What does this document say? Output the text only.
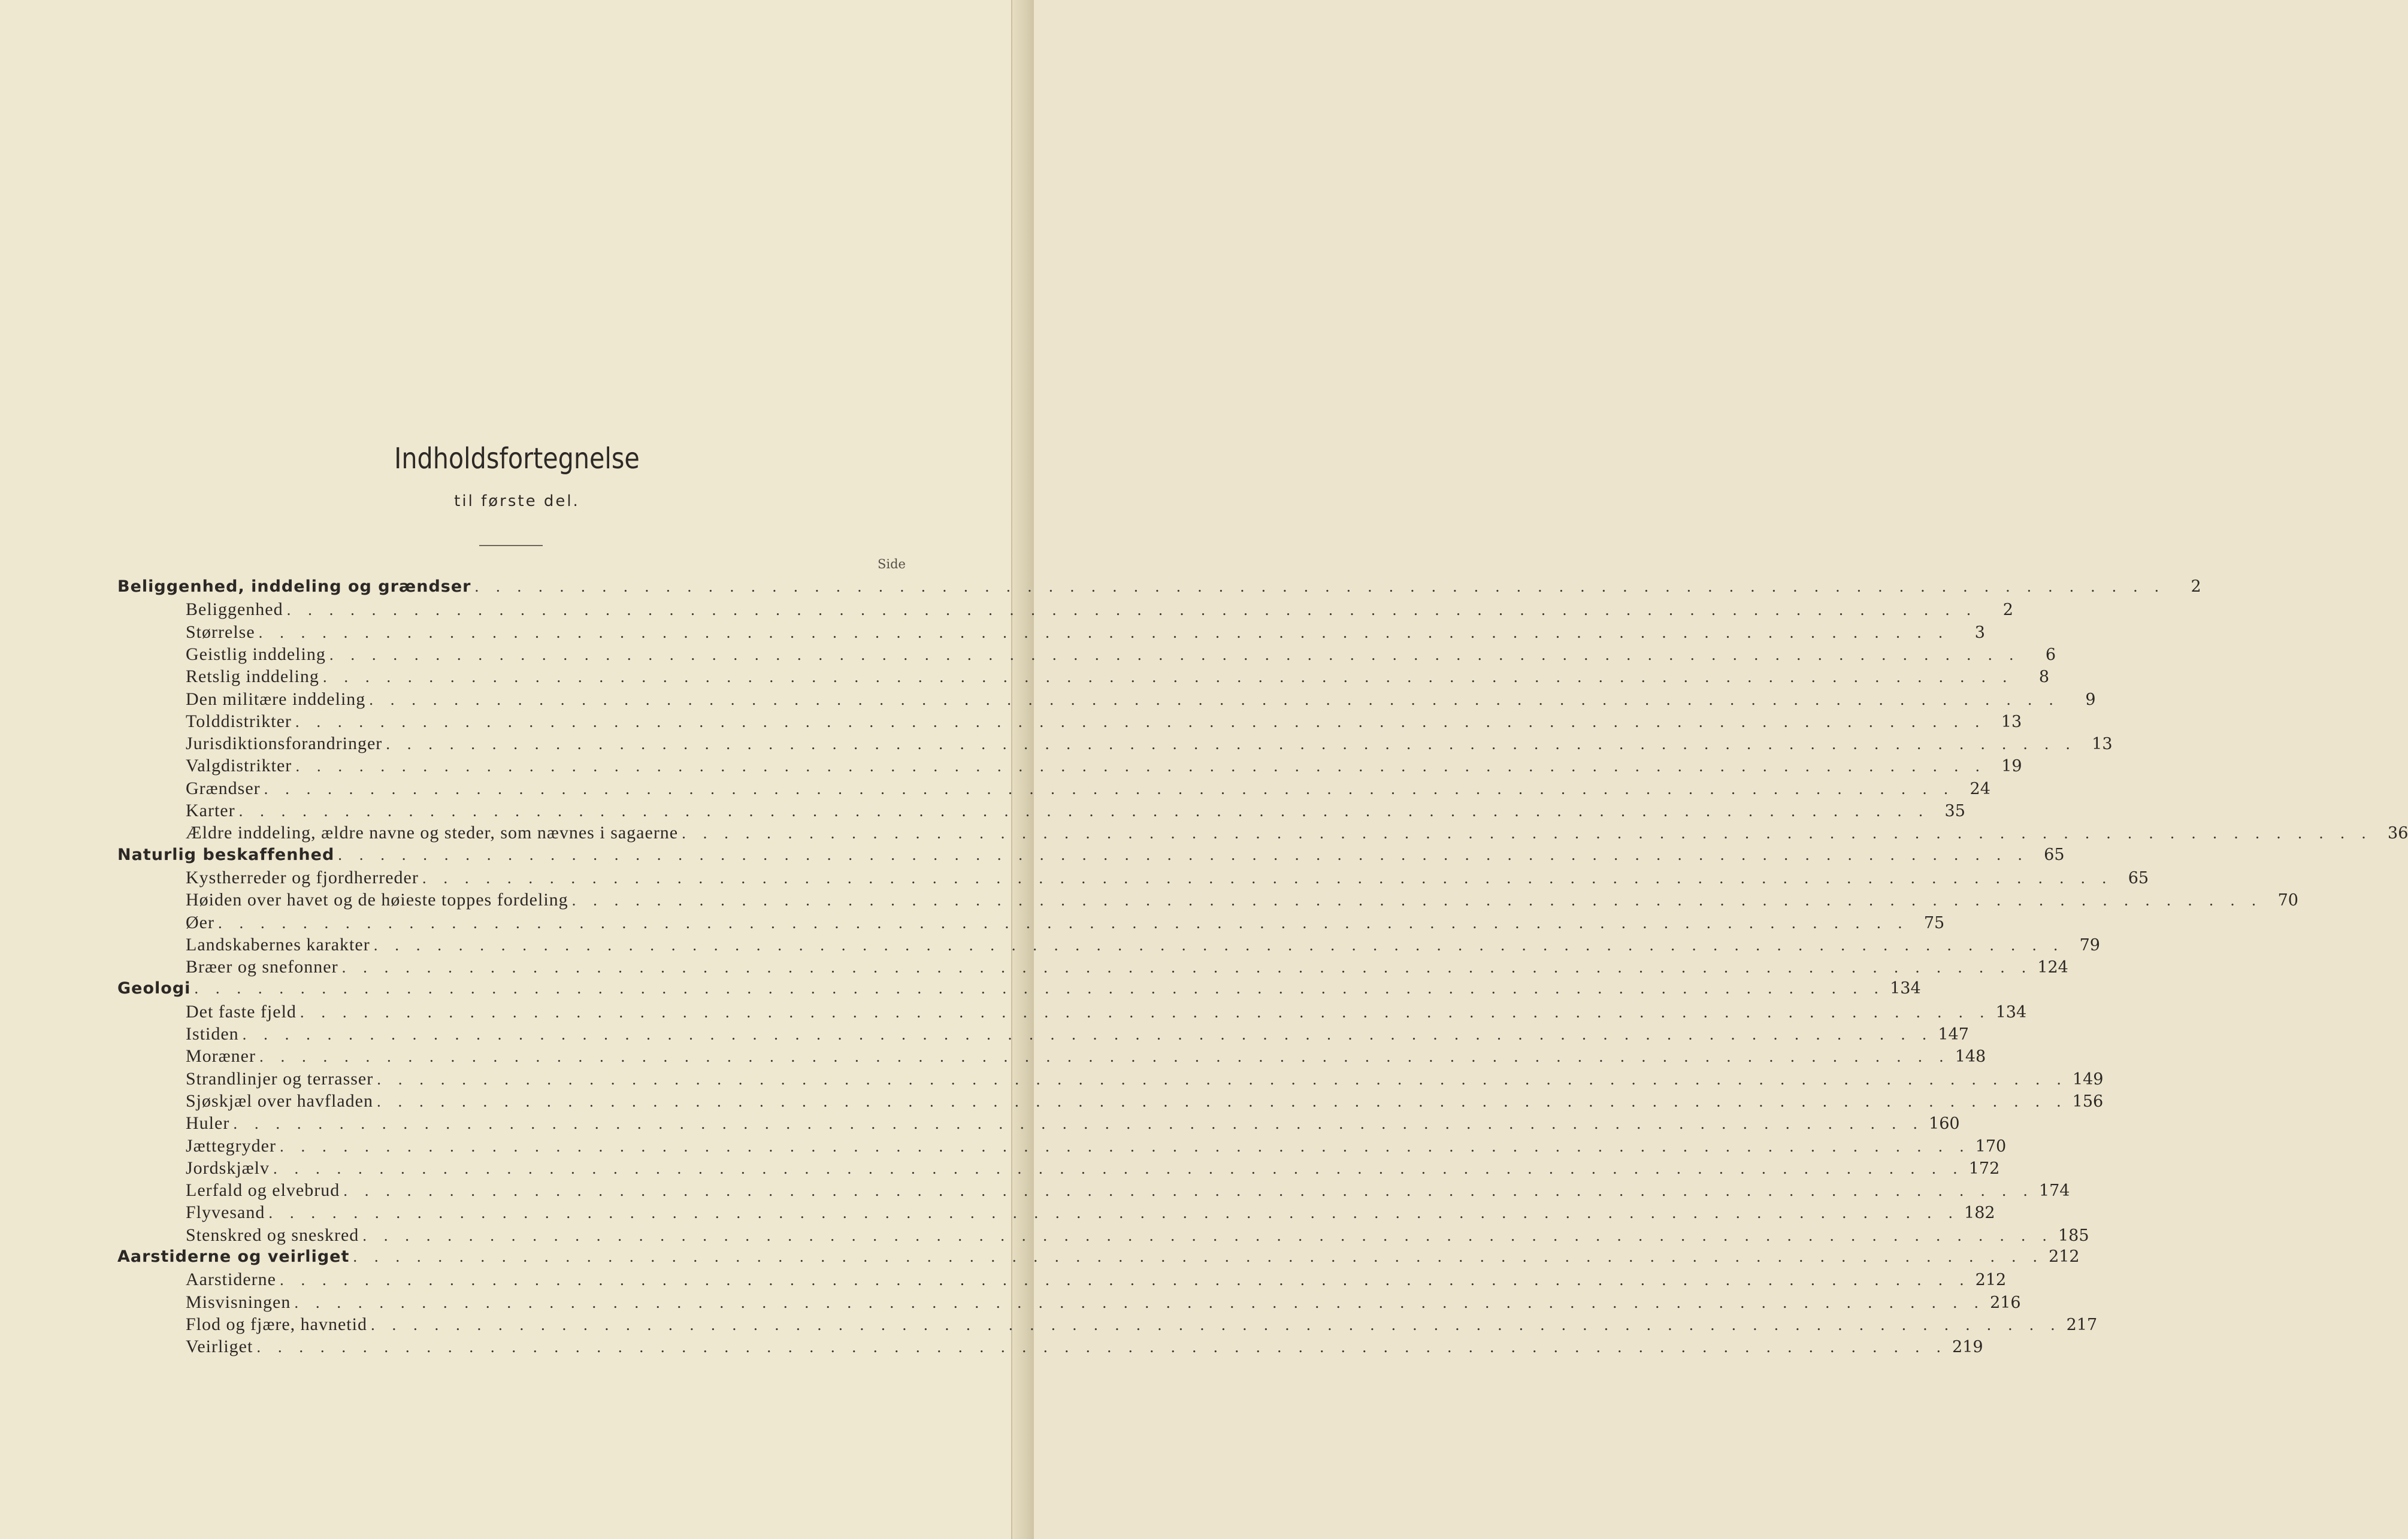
Indholdsfortegnelse
til første del.
Side
Beliggenhed, inddeling og grændser . . . . . . . . . . . . . . . . . . . . . . . . . . . . . . . . . . . . . . . . . . . . . . . . . . . . . . . . . . . . . . . . . . . . . . . . . . . . . . . .	2
Beliggenhed . . . . . . . . . . . . . . . . . . . . . . . . . . . . . . . . . . . . . . . . . . . . . . . . . . . . . . . . . . . . . . . . . . . . . . . . . . . . . . . .	2
Størrelse . . . . . . . . . . . . . . . . . . . . . . . . . . . . . . . . . . . . . . . . . . . . . . . . . . . . . . . . . . . . . . . . . . . . . . . . . . . . . . . .	3
Geistlig inddeling . . . . . . . . . . . . . . . . . . . . . . . . . . . . . . . . . . . . . . . . . . . . . . . . . . . . . . . . . . . . . . . . . . . . . . . . . . . . . . . .	6
Retslig inddeling . . . . . . . . . . . . . . . . . . . . . . . . . . . . . . . . . . . . . . . . . . . . . . . . . . . . . . . . . . . . . . . . . . . . . . . . . . . . . . . .	8
Den militære inddeling . . . . . . . . . . . . . . . . . . . . . . . . . . . . . . . . . . . . . . . . . . . . . . . . . . . . . . . . . . . . . . . . . . . . . . . . . . . . . . . .	9
Tolddistrikter . . . . . . . . . . . . . . . . . . . . . . . . . . . . . . . . . . . . . . . . . . . . . . . . . . . . . . . . . . . . . . . . . . . . . . . . . . . . . . . . 13
Jurisdiktionsforandringer . . . . . . . . . . . . . . . . . . . . . . . . . . . . . . . . . . . . . . . . . . . . . . . . . . . . . . . . . . . . . . . . . . . . . . . . . . . . . . . . 13
Valgdistrikter . . . . . . . . . . . . . . . . . . . . . . . . . . . . . . . . . . . . . . . . . . . . . . . . . . . . . . . . . . . . . . . . . . . . . . . . . . . . . . . . 19
Grændser . . . . . . . . . . . . . . . . . . . . . . . . . . . . . . . . . . . . . . . . . . . . . . . . . . . . . . . . . . . . . . . . . . . . . . . . . . . . . . . . 24
Karter . . . . . . . . . . . . . . . . . . . . . . . . . . . . . . . . . . . . . . . . . . . . . . . . . . . . . . . . . . . . . . . . . . . . . . . . . . . . . . . . 35
Ældre inddeling, ældre navne og steder, som nævnes i sagaerne . . . . . . . . . . . . . . . . . . . . . . . . . . . . . . . . . . . . . . . . . . . . . . . . . . . . . . . . . . . . . . . . . . . . . . . . . . . . . . . . 36
Naturlig beskaffenhed . . . . . . . . . . . . . . . . . . . . . . . . . . . . . . . . . . . . . . . . . . . . . . . . . . . . . . . . . . . . . . . . . . . . . . . . . . . . . . . . 65
Kystherreder og fjordherreder . . . . . . . . . . . . . . . . . . . . . . . . . . . . . . . . . . . . . . . . . . . . . . . . . . . . . . . . . . . . . . . . . . . . . . . . . . . . . . . . 65
Høiden over havet og de høieste toppes fordeling . . . . . . . . . . . . . . . . . . . . . . . . . . . . . . . . . . . . . . . . . . . . . . . . . . . . . . . . . . . . . . . . . . . . . . . . . . . . . . . . 70
Øer . . . . . . . . . . . . . . . . . . . . . . . . . . . . . . . . . . . . . . . . . . . . . . . . . . . . . . . . . . . . . . . . . . . . . . . . . . . . . . . . 75
Landskabernes karakter . . . . . . . . . . . . . . . . . . . . . . . . . . . . . . . . . . . . . . . . . . . . . . . . . . . . . . . . . . . . . . . . . . . . . . . . . . . . . . . . 79
Bræer og snefonner . . . . . . . . . . . . . . . . . . . . . . . . . . . . . . . . . . . . . . . . . . . . . . . . . . . . . . . . . . . . . . . . . . . . . . . . . . . . . . . . 124
Geologi . . . . . . . . . . . . . . . . . . . . . . . . . . . . . . . . . . . . . . . . . . . . . . . . . . . . . . . . . . . . . . . . . . . . . . . . . . . . . . . . 134
Det faste fjeld . . . . . . . . . . . . . . . . . . . . . . . . . . . . . . . . . . . . . . . . . . . . . . . . . . . . . . . . . . . . . . . . . . . . . . . . . . . . . . . . 134
Istiden . . . . . . . . . . . . . . . . . . . . . . . . . . . . . . . . . . . . . . . . . . . . . . . . . . . . . . . . . . . . . . . . . . . . . . . . . . . . . . . . 147
Moræner . . . . . . . . . . . . . . . . . . . . . . . . . . . . . . . . . . . . . . . . . . . . . . . . . . . . . . . . . . . . . . . . . . . . . . . . . . . . . . . . 148
Strandlinjer og terrasser . . . . . . . . . . . . . . . . . . . . . . . . . . . . . . . . . . . . . . . . . . . . . . . . . . . . . . . . . . . . . . . . . . . . . . . . . . . . . . . . 149
Sjøskjæl over havfladen . . . . . . . . . . . . . . . . . . . . . . . . . . . . . . . . . . . . . . . . . . . . . . . . . . . . . . . . . . . . . . . . . . . . . . . . . . . . . . . . 156
Huler . . . . . . . . . . . . . . . . . . . . . . . . . . . . . . . . . . . . . . . . . . . . . . . . . . . . . . . . . . . . . . . . . . . . . . . . . . . . . . . . 160
Jættegryder . . . . . . . . . . . . . . . . . . . . . . . . . . . . . . . . . . . . . . . . . . . . . . . . . . . . . . . . . . . . . . . . . . . . . . . . . . . . . . . . 170
Jordskjælv . . . . . . . . . . . . . . . . . . . . . . . . . . . . . . . . . . . . . . . . . . . . . . . . . . . . . . . . . . . . . . . . . . . . . . . . . . . . . . . . 172
Lerfald og elvebrud . . . . . . . . . . . . . . . . . . . . . . . . . . . . . . . . . . . . . . . . . . . . . . . . . . . . . . . . . . . . . . . . . . . . . . . . . . . . . . . . 174
Flyvesand . . . . . . . . . . . . . . . . . . . . . . . . . . . . . . . . . . . . . . . . . . . . . . . . . . . . . . . . . . . . . . . . . . . . . . . . . . . . . . . . 182
Stenskred og sneskred . . . . . . . . . . . . . . . . . . . . . . . . . . . . . . . . . . . . . . . . . . . . . . . . . . . . . . . . . . . . . . . . . . . . . . . . . . . . . . . . 185
Aarstiderne og veirliget . . . . . . . . . . . . . . . . . . . . . . . . . . . . . . . . . . . . . . . . . . . . . . . . . . . . . . . . . . . . . . . . . . . . . . . . . . . . . . . . 212
Aarstiderne . . . . . . . . . . . . . . . . . . . . . . . . . . . . . . . . . . . . . . . . . . . . . . . . . . . . . . . . . . . . . . . . . . . . . . . . . . . . . . . . 212
Misvisningen . . . . . . . . . . . . . . . . . . . . . . . . . . . . . . . . . . . . . . . . . . . . . . . . . . . . . . . . . . . . . . . . . . . . . . . . . . . . . . . . 216
Flod og fjære, havnetid . . . . . . . . . . . . . . . . . . . . . . . . . . . . . . . . . . . . . . . . . . . . . . . . . . . . . . . . . . . . . . . . . . . . . . . . . . . . . . . . 217
Veirliget . . . . . . . . . . . . . . . . . . . . . . . . . . . . . . . . . . . . . . . . . . . . . . . . . . . . . . . . . . . . . . . . . . . . . . . . . . . . . . . . 219
